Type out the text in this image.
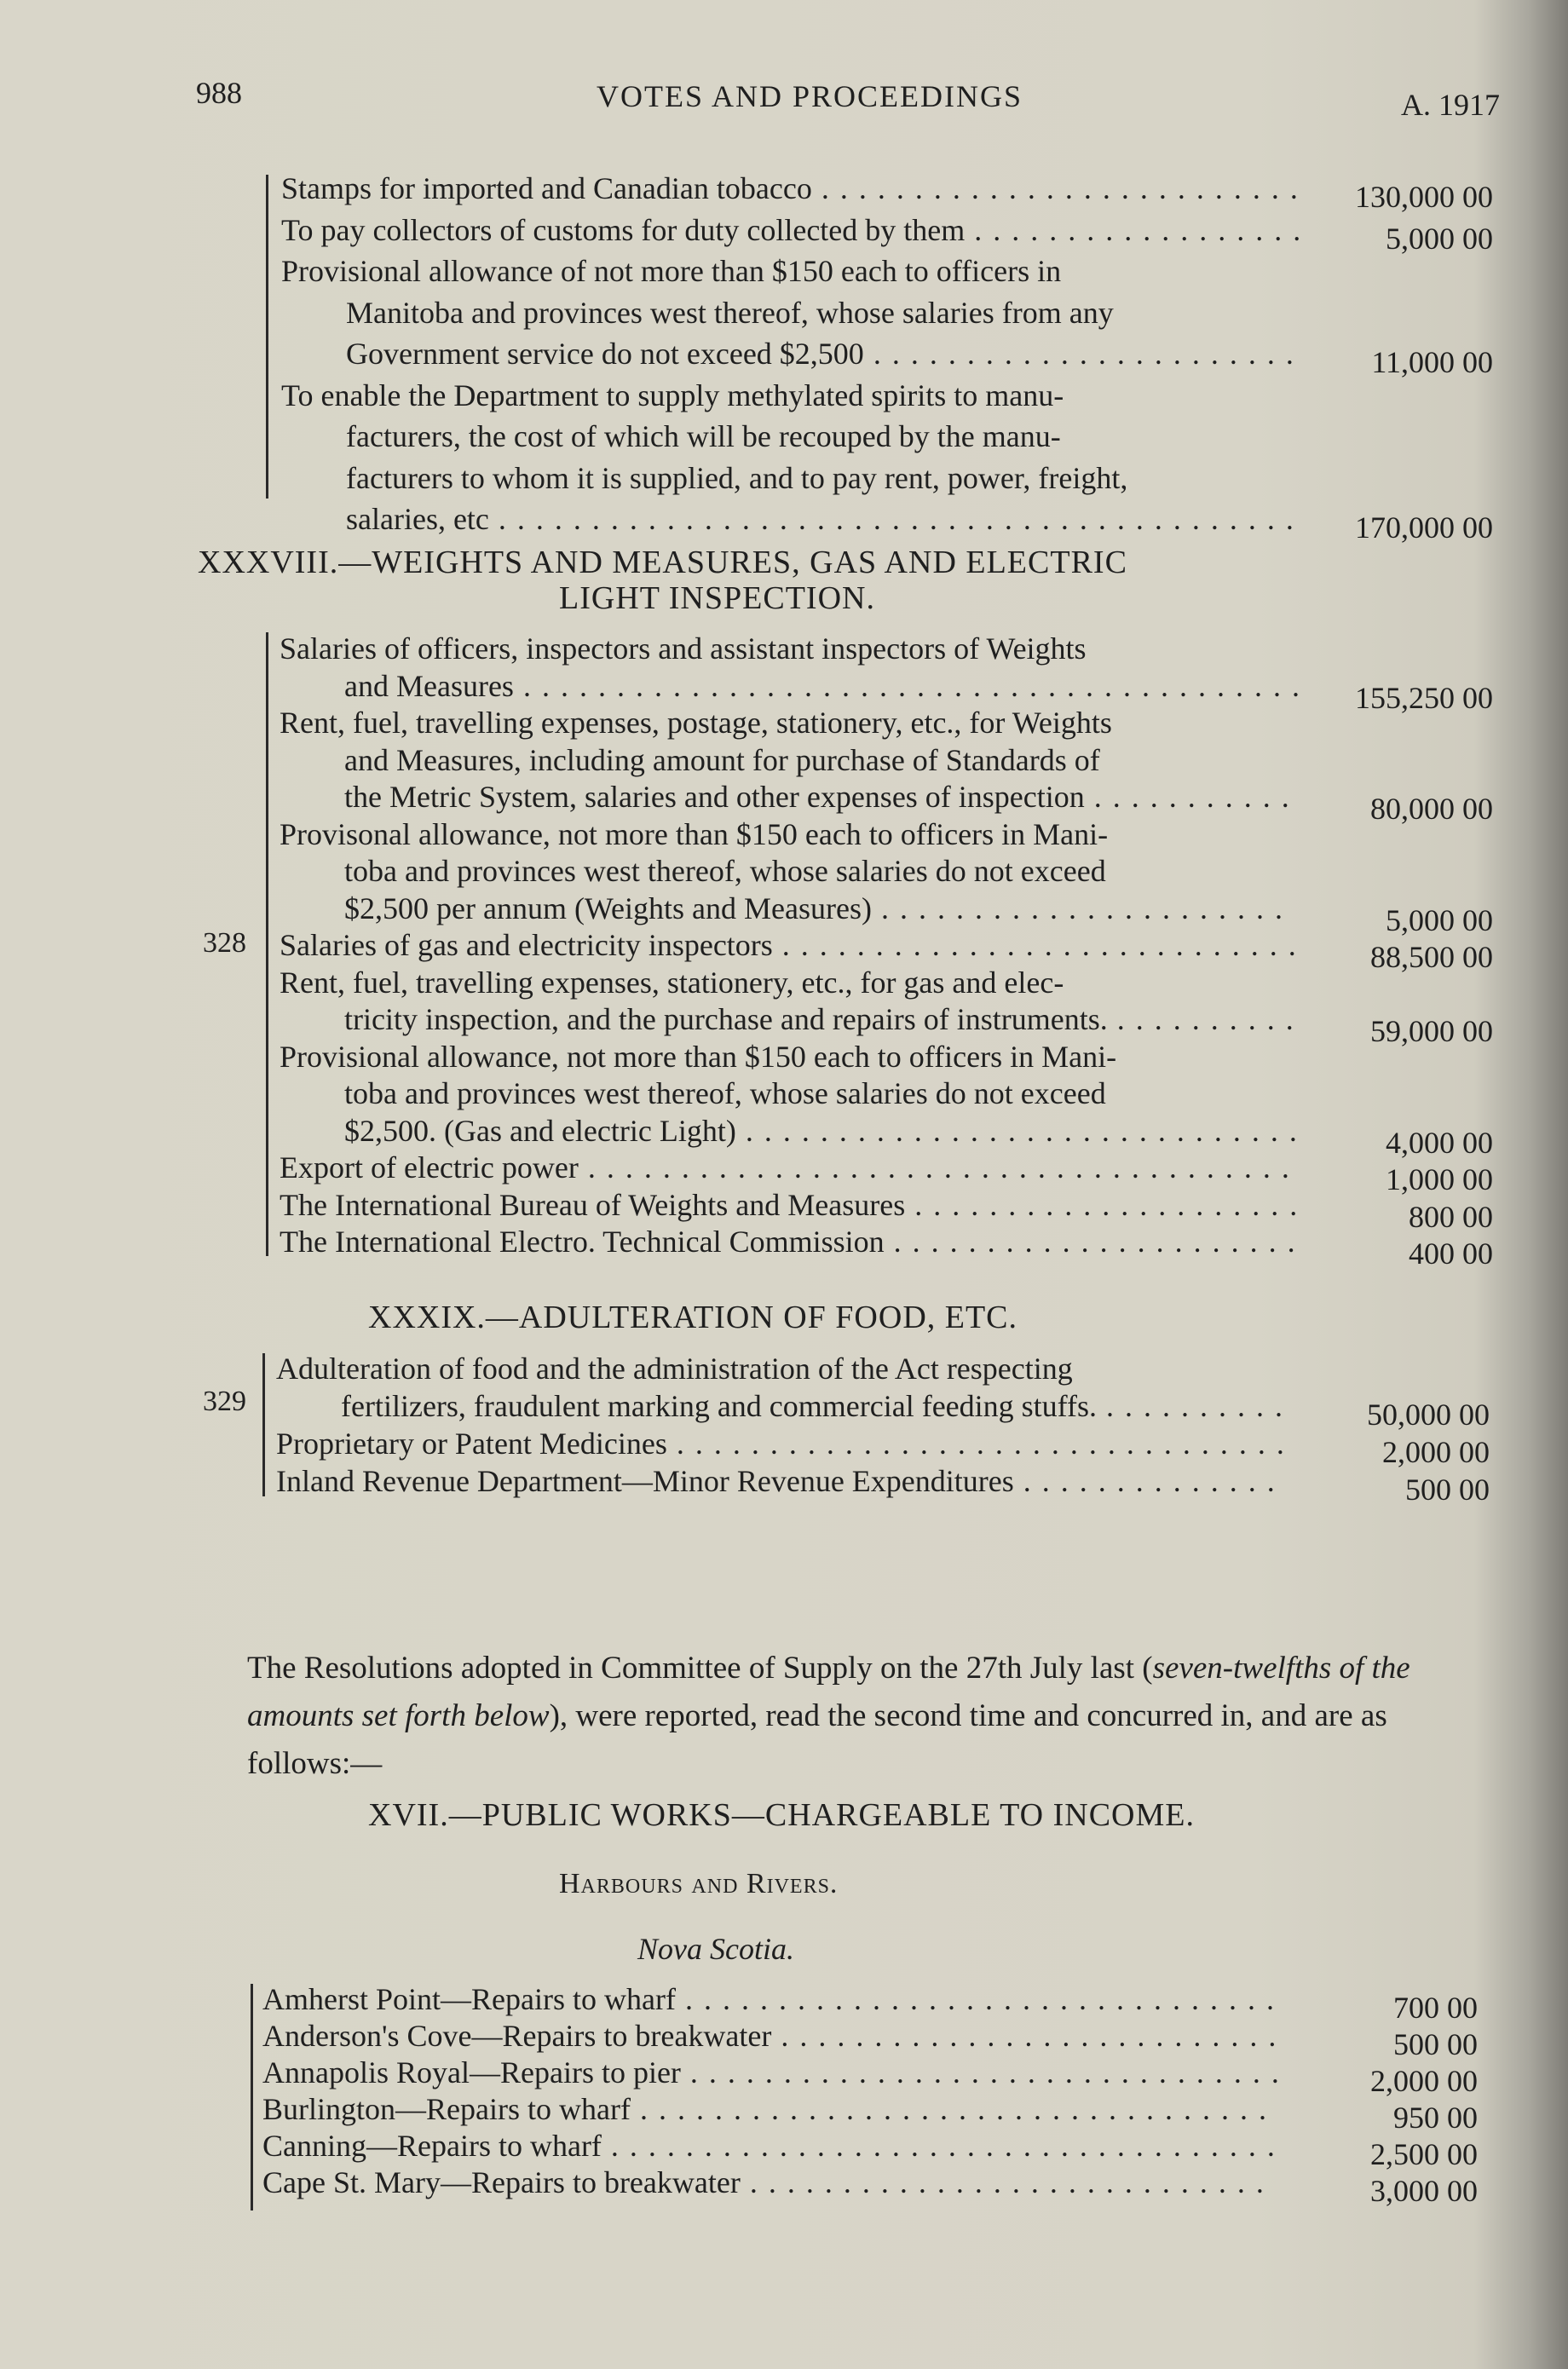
988	VOTES AND PROCEEDINGS	A. 1917
Stamps for imported and Canadian tobacco . . . . . . . . . . . . . . . . . . . . . . . . . .	130,000 00
To pay collectors of customs for duty collected by them . . . . . . . . . . . . . . . . . .	5,000 00
Provisional allowance of not more than $150 each to officers in
Manitoba and provinces west thereof, whose salaries from any
Government service do not exceed $2,500 . . . . . . . . . . . . . . . . . . . . . . .	11,000 00
To enable the Department to supply methylated spirits to manu-
facturers, the cost of which will be recouped by the manu-
facturers to whom it is supplied, and to pay rent, power, freight,
salaries, etc . . . . . . . . . . . . . . . . . . . . . . . . . . . . . . . . . . . . . . . . . . .	170,000 00
XXXVIII.—WEIGHTS AND MEASURES, GAS AND ELECTRIC
LIGHT INSPECTION.
328
Salaries of officers, inspectors and assistant inspectors of Weights
and Measures . . . . . . . . . . . . . . . . . . . . . . . . . . . . . . . . . . . . . . . . . .	155,250 00
Rent, fuel, travelling expenses, postage, stationery, etc., for Weights
and Measures, including amount for purchase of Standards of
the Metric System, salaries and other expenses of inspection . . . . . . . . . . .	80,000 00
Provisonal allowance, not more than $150 each to officers in Mani-
toba and provinces west thereof, whose salaries do not exceed
$2,500 per annum (Weights and Measures) . . . . . . . . . . . . . . . . . . . . . .	5,000 00
Salaries of gas and electricity inspectors . . . . . . . . . . . . . . . . . . . . . . . . . . . .	88,500 00
Rent, fuel, travelling expenses, stationery, etc., for gas and elec-
tricity inspection, and the purchase and repairs of instruments. . . . . . . . . . .	59,000 00
Provisional allowance, not more than $150 each to officers in Mani-
toba and provinces west thereof, whose salaries do not exceed
$2,500. (Gas and electric Light) . . . . . . . . . . . . . . . . . . . . . . . . . . . . . .	4,000 00
Export of electric power . . . . . . . . . . . . . . . . . . . . . . . . . . . . . . . . . . . . . .	1,000 00
The International Bureau of Weights and Measures . . . . . . . . . . . . . . . . . . . . .	800 00
The International Electro. Technical Commission . . . . . . . . . . . . . . . . . . . . . .	400 00
XXXIX.—ADULTERATION OF FOOD, ETC.
329
Adulteration of food and the administration of the Act respecting
fertilizers, fraudulent marking and commercial feeding stuffs. . . . . . . . . . .	50,000 00
Proprietary or Patent Medicines . . . . . . . . . . . . . . . . . . . . . . . . . . . . . . . . .	2,000 00
Inland Revenue Department—Minor Revenue Expenditures . . . . . . . . . . . . . .	500 00
The Resolutions adopted in Committee of Supply on the 27th July last (seven-twelfths of the amounts set forth below), were reported, read the second time and concurred in, and are as follows:—
XVII.—PUBLIC WORKS—CHARGEABLE TO INCOME.
Harbours and Rivers.
Nova Scotia.
Amherst Point—Repairs to wharf . . . . . . . . . . . . . . . . . . . . . . . . . . . . . . . .	700 00
Anderson's Cove—Repairs to breakwater . . . . . . . . . . . . . . . . . . . . . . . . . . .	500 00
Annapolis Royal—Repairs to pier . . . . . . . . . . . . . . . . . . . . . . . . . . . . . . . .	2,000 00
Burlington—Repairs to wharf . . . . . . . . . . . . . . . . . . . . . . . . . . . . . . . . . .	950 00
Canning—Repairs to wharf . . . . . . . . . . . . . . . . . . . . . . . . . . . . . . . . . . . .	2,500 00
Cape St. Mary—Repairs to breakwater . . . . . . . . . . . . . . . . . . . . . . . . . . . .	3,000 00
